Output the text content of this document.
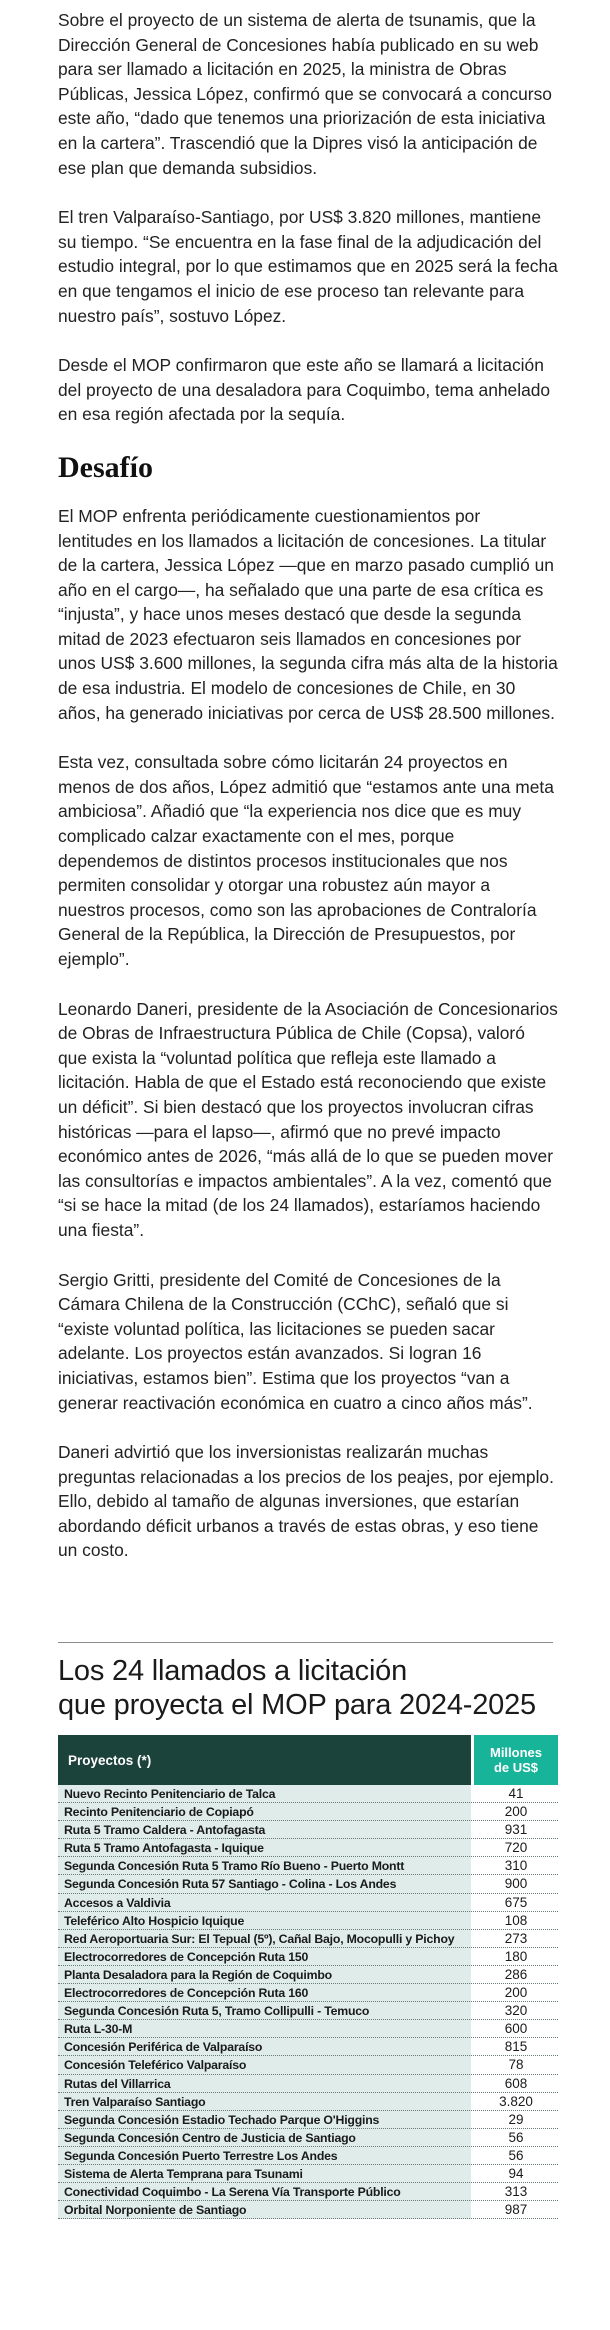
Sobre el proyecto de un sistema de alerta de tsunamis, que la Dirección General de Concesiones había publicado en su web para ser llamado a licitación en 2025, la ministra de Obras Públicas, Jessica López, confirmó que se convocará a concurso este año, “dado que tenemos una priorización de esta iniciativa en la cartera”. Trascendió que la Dipres visó la anticipación de ese plan que demanda subsidios.

El tren Valparaíso-Santiago, por US$ 3.820 millones, mantiene su tiempo. “Se encuentra en la fase final de la adjudicación del estudio integral, por lo que estimamos que en 2025 será la fecha en que tengamos el inicio de ese proceso tan relevante para nuestro país”, sostuvo López.

Desde el MOP confirmaron que este año se llamará a licitación del proyecto de una desaladora para Coquimbo, tema anhelado en esa región afectada por la sequía.

Desafío

El MOP enfrenta periódicamente cuestionamientos por lentitudes en los llamados a licitación de concesiones. La titular de la cartera, Jessica López —que en marzo pasado cumplió un año en el cargo—, ha señalado que una parte de esa crítica es “injusta”, y hace unos meses destacó que desde la segunda mitad de 2023 efectuaron seis llamados en concesiones por unos US$ 3.600 millones, la segunda cifra más alta de la historia de esa industria. El modelo de concesiones de Chile, en 30 años, ha generado iniciativas por cerca de US$ 28.500 millones.

Esta vez, consultada sobre cómo licitarán 24 proyectos en menos de dos años, López admitió que “estamos ante una meta ambiciosa”. Añadió que “la experiencia nos dice que es muy complicado calzar exactamente con el mes, porque dependemos de distintos procesos institucionales que nos permiten consolidar y otorgar una robustez aún mayor a nuestros procesos, como son las aprobaciones de Contraloría General de la República, la Dirección de Presupuestos, por ejemplo”.

Leonardo Daneri, presidente de la Asociación de Concesionarios de Obras de Infraestructura Pública de Chile (Copsa), valoró que exista la “voluntad política que refleja este llamado a licitación. Habla de que el Estado está reconociendo que existe un déficit”. Si bien destacó que los proyectos involucran cifras históricas —para el lapso—, afirmó que no prevé impacto económico antes de 2026, “más allá de lo que se pueden mover las consultorías e impactos ambientales”. A la vez, comentó que “si se hace la mitad (de los 24 llamados), estaríamos haciendo una fiesta”.

Sergio Gritti, presidente del Comité de Concesiones de la Cámara Chilena de la Construcción (CChC), señaló que si “existe voluntad política, las licitaciones se pueden sacar adelante. Los proyectos están avanzados. Si logran 16 iniciativas, estamos bien”. Estima que los proyectos “van a generar reactivación económica en cuatro a cinco años más”.

Daneri advirtió que los inversionistas realizarán muchas preguntas relacionadas a los precios de los peajes, por ejemplo. Ello, debido al tamaño de algunas inversiones, que estarían abordando déficit urbanos a través de estas obras, y eso tiene un costo.

Los 24 llamados a licitación
que proyecta el MOP para 2024-2025
Proyectos (*)	Millones
de US$
Nuevo Recinto Penitenciario de Talca	41
Recinto Penitenciario de Copiapó	200
Ruta 5 Tramo Caldera - Antofagasta	931
Ruta 5 Tramo Antofagasta - Iquique	720
Segunda Concesión Ruta 5 Tramo Río Bueno - Puerto Montt	310
Segunda Concesión Ruta 57 Santiago - Colina - Los Andes	900
Accesos a Valdivia	675
Teleférico Alto Hospicio Iquique	108
Red Aeroportuaria Sur: El Tepual (5º), Cañal Bajo, Mocopulli y Pichoy	273
Electrocorredores de Concepción Ruta 150	180
Planta Desaladora para la Región de Coquimbo	286
Electrocorredores de Concepción Ruta 160	200
Segunda Concesión Ruta 5, Tramo Collipulli - Temuco	320
Ruta L-30-M	600
Concesión Periférica de Valparaíso	815
Concesión Teleférico Valparaíso	78
Rutas del Villarrica	608
Tren Valparaíso Santiago	3.820
Segunda Concesión Estadio Techado Parque O'Higgins	29
Segunda Concesión Centro de Justicia de Santiago	56
Segunda Concesión Puerto Terrestre Los Andes	56
Sistema de Alerta Temprana para Tsunami	94
Conectividad Coquimbo - La Serena Vía Transporte Público	313
Orbital Norponiente de Santiago	987
